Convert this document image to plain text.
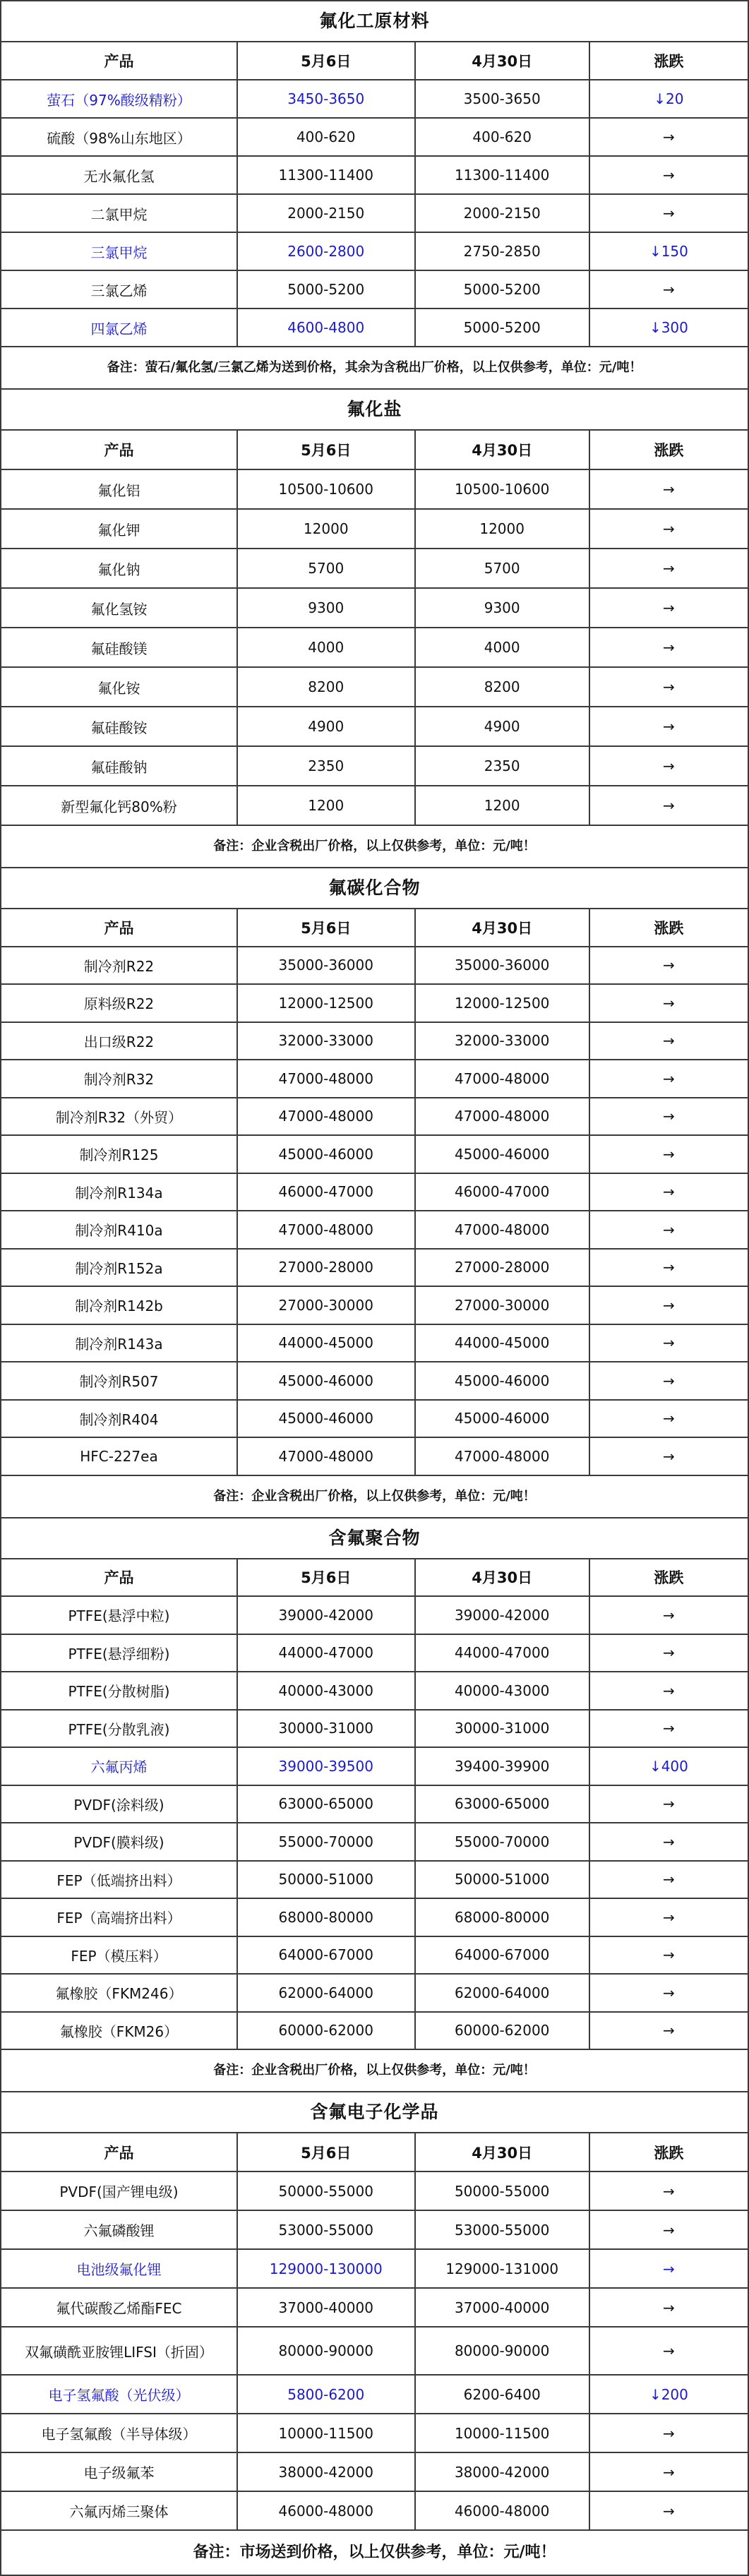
氟化工原材料
产品	5月6日	4月30日	涨跌
萤石（97%酸级精粉）	3450-3650	3500-3650	↓20
硫酸（98%山东地区）	400-620	400-620	→
无水氟化氢	11300-11400	11300-11400	→
二氯甲烷	2000-2150	2000-2150	→
三氯甲烷	2600-2800	2750-2850	↓150
三氯乙烯	5000-5200	5000-5200	→
四氯乙烯	4600-4800	5000-5200	↓300
备注：萤石/氟化氢/三氯乙烯为送到价格，其余为含税出厂价格，以上仅供参考，单位：元/吨！
氟化盐
产品	5月6日	4月30日	涨跌
氟化铝	10500-10600	10500-10600	→
氟化钾	12000	12000	→
氟化钠	5700	5700	→
氟化氢铵	9300	9300	→
氟硅酸镁	4000	4000	→
氟化铵	8200	8200	→
氟硅酸铵	4900	4900	→
氟硅酸钠	2350	2350	→
新型氟化钙80%粉	1200	1200	→
备注：企业含税出厂价格，以上仅供参考，单位：元/吨！
氟碳化合物
产品	5月6日	4月30日	涨跌
制冷剂R22	35000-36000	35000-36000	→
原料级R22	12000-12500	12000-12500	→
出口级R22	32000-33000	32000-33000	→
制冷剂R32	47000-48000	47000-48000	→
制冷剂R32（外贸）	47000-48000	47000-48000	→
制冷剂R125	45000-46000	45000-46000	→
制冷剂R134a	46000-47000	46000-47000	→
制冷剂R410a	47000-48000	47000-48000	→
制冷剂R152a	27000-28000	27000-28000	→
制冷剂R142b	27000-30000	27000-30000	→
制冷剂R143a	44000-45000	44000-45000	→
制冷剂R507	45000-46000	45000-46000	→
制冷剂R404	45000-46000	45000-46000	→
HFC-227ea	47000-48000	47000-48000	→
备注：企业含税出厂价格，以上仅供参考，单位：元/吨！
含氟聚合物
产品	5月6日	4月30日	涨跌
PTFE(悬浮中粒)	39000-42000	39000-42000	→
PTFE(悬浮细粉)	44000-47000	44000-47000	→
PTFE(分散树脂)	40000-43000	40000-43000	→
PTFE(分散乳液)	30000-31000	30000-31000	→
六氟丙烯	39000-39500	39400-39900	↓400
PVDF(涂料级)	63000-65000	63000-65000	→
PVDF(膜料级)	55000-70000	55000-70000	→
FEP（低端挤出料）	50000-51000	50000-51000	→
FEP（高端挤出料）	68000-80000	68000-80000	→
FEP（模压料）	64000-67000	64000-67000	→
氟橡胶（FKM246）	62000-64000	62000-64000	→
氟橡胶（FKM26）	60000-62000	60000-62000	→
备注：企业含税出厂价格，以上仅供参考，单位：元/吨！
含氟电子化学品
产品	5月6日	4月30日	涨跌
PVDF(国产锂电级)	50000-55000	50000-55000	→
六氟磷酸锂	53000-55000	53000-55000	→
电池级氟化锂	129000-130000	129000-131000	→
氟代碳酸乙烯酯FEC	37000-40000	37000-40000	→
双氟磺酰亚胺锂LIFSI（折固）	80000-90000	80000-90000	→
电子氢氟酸（光伏级）	5800-6200	6200-6400	↓200
电子氢氟酸（半导体级）	10000-11500	10000-11500	→
电子级氟苯	38000-42000	38000-42000	→
六氟丙烯三聚体	46000-48000	46000-48000	→
备注：市场送到价格，以上仅供参考，单位：元/吨！
